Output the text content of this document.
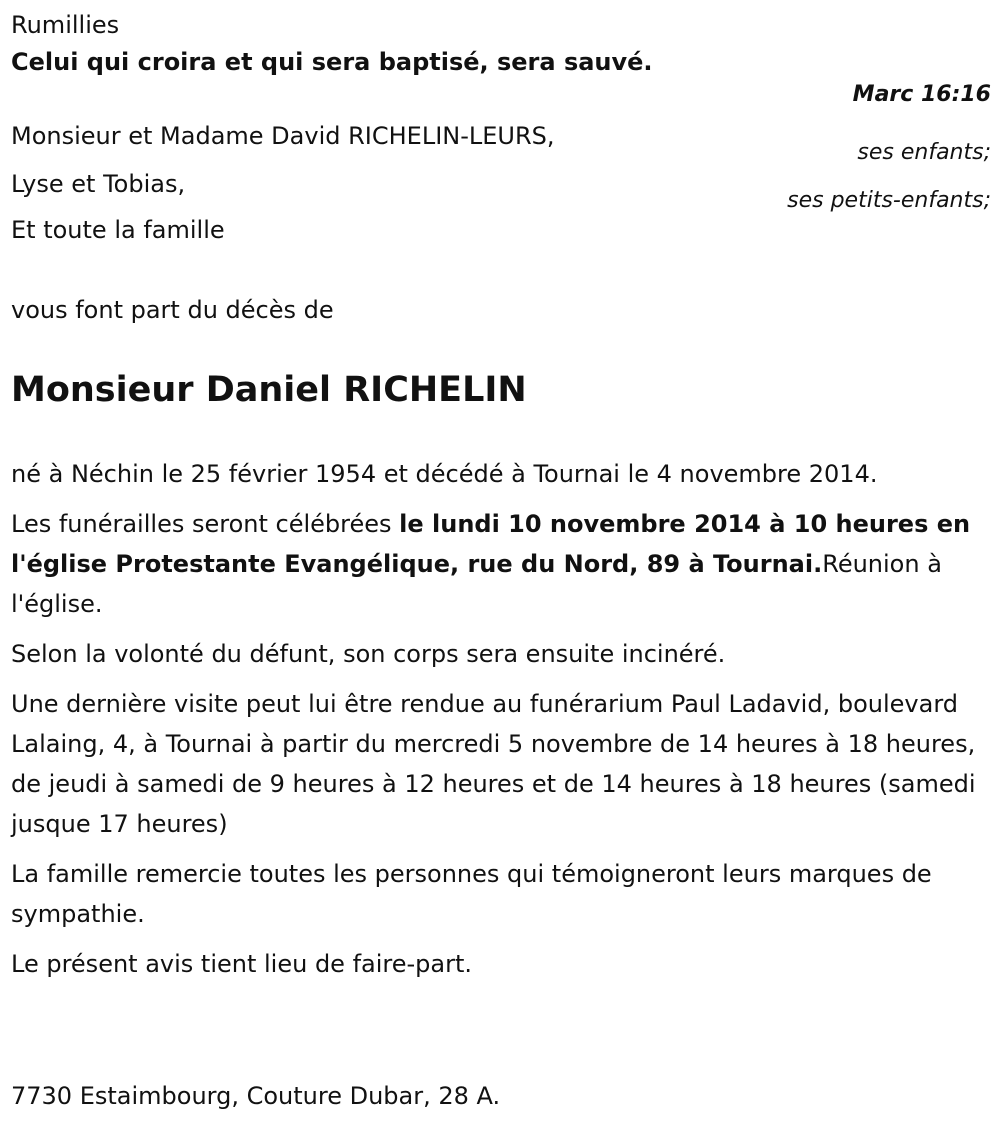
Rumillies
Celui qui croira et qui sera baptisé, sera sauvé.
Marc 16:16
Monsieur et Madame David RICHELIN-LEURS,
ses enfants;
Lyse et Tobias,
ses petits-enfants;
Et toute la famille
vous font part du décès de
Monsieur Daniel RICHELIN

né à Néchin le 25 février 1954 et décédé à Tournai le 4 novembre 2014.

Les funérailles seront célébrées le lundi 10 novembre 2014 à 10 heures en l'église Protestante Evangélique, rue du Nord, 89 à Tournai.Réunion à l'église.

Selon la volonté du défunt, son corps sera ensuite incinéré.

Une dernière visite peut lui être rendue au funérarium Paul Ladavid, boulevard Lalaing, 4, à Tournai à partir du mercredi 5 novembre de 14 heures à 18 heures, de jeudi à samedi de 9 heures à 12 heures et de 14 heures à 18 heures (samedi jusque 17 heures)

La famille remercie toutes les personnes qui témoigneront leurs marques de sympathie.

Le présent avis tient lieu de faire-part.

7730 Estaimbourg, Couture Dubar, 28 A.
